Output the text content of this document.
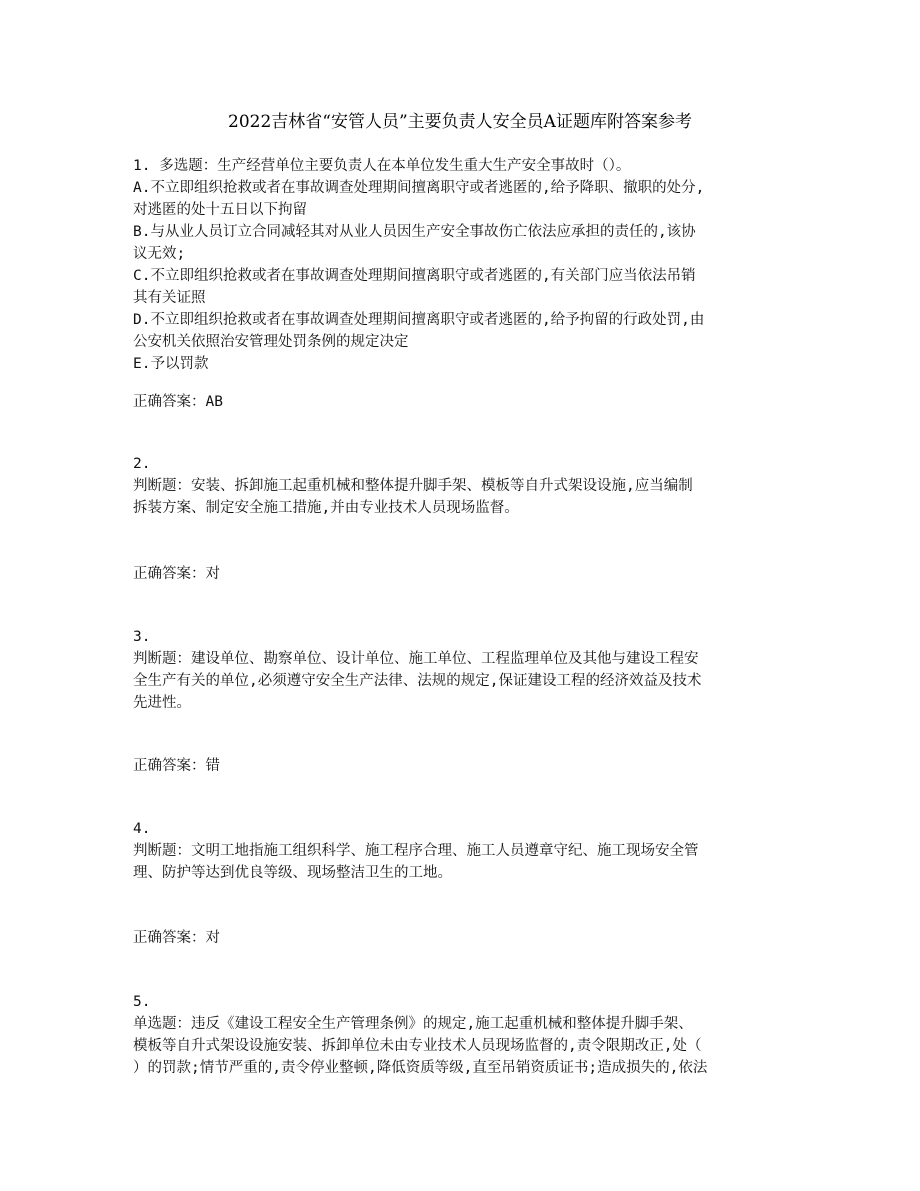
2022吉林省“安管人员”主要负责人安全员A证题库附答案参考
1. 多选题：生产经营单位主要负责人在本单位发生重大生产安全事故时（）。
A.不立即组织抢救或者在事故调查处理期间擅离职守或者逃匿的,给予降职、撤职的处分,
对逃匿的处十五日以下拘留
B.与从业人员订立合同减轻其对从业人员因生产安全事故伤亡依法应承担的责任的,该协
议无效;
C.不立即组织抢救或者在事故调查处理期间擅离职守或者逃匿的,有关部门应当依法吊销
其有关证照
D.不立即组织抢救或者在事故调查处理期间擅离职守或者逃匿的,给予拘留的行政处罚,由
公安机关依照治安管理处罚条例的规定决定
E.予以罚款
正确答案：AB
2.
判断题：安装、拆卸施工起重机械和整体提升脚手架、模板等自升式架设设施,应当编制
拆装方案、制定安全施工措施,并由专业技术人员现场监督。
正确答案：对
3.
判断题：建设单位、勘察单位、设计单位、施工单位、工程监理单位及其他与建设工程安
全生产有关的单位,必须遵守安全生产法律、法规的规定,保证建设工程的经济效益及技术
先进性。
正确答案：错
4.
判断题：文明工地指施工组织科学、施工程序合理、施工人员遵章守纪、施工现场安全管
理、防护等达到优良等级、现场整洁卫生的工地。
正确答案：对
5.
单选题：违反《建设工程安全生产管理条例》的规定,施工起重机械和整体提升脚手架、
模板等自升式架设设施安装、拆卸单位未由专业技术人员现场监督的,责令限期改正,处（
）的罚款;情节严重的,责令停业整顿,降低资质等级,直至吊销资质证书;造成损失的,依法
